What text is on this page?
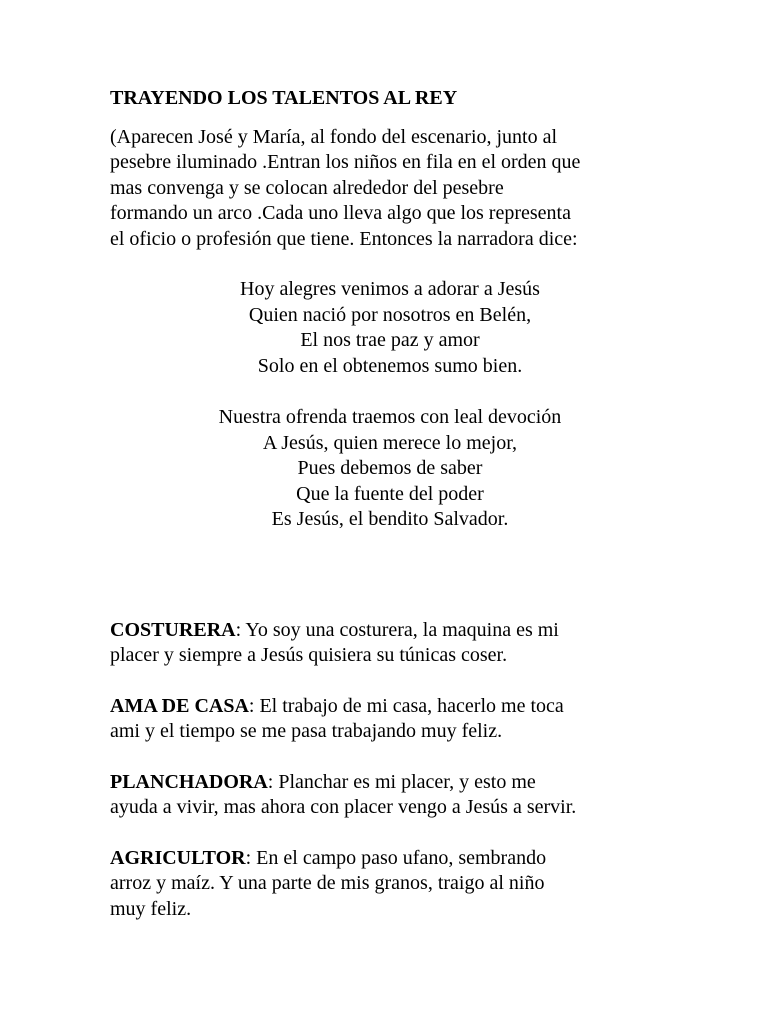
TRAYENDO LOS TALENTOS AL REY
(Aparecen José y María, al fondo del escenario, junto al
pesebre iluminado .Entran los niños en fila en el orden que
mas convenga y se colocan alrededor del pesebre
formando un arco .Cada uno lleva algo que los representa
el oficio o profesión que tiene. Entonces la narradora dice:
Hoy alegres venimos a adorar a Jesús
Quien nació por nosotros en Belén,
El nos trae paz y amor
Solo en el obtenemos sumo bien.
Nuestra ofrenda traemos con leal devoción
A Jesús, quien merece lo mejor,
Pues debemos de saber
Que la fuente del poder
Es Jesús, el bendito Salvador.
COSTURERA: Yo soy una costurera, la maquina es mi
placer y siempre a Jesús quisiera su túnicas coser.
AMA DE CASA: El trabajo de mi casa, hacerlo me toca
ami y el tiempo se me pasa trabajando muy feliz.
PLANCHADORA: Planchar es mi placer, y esto me
ayuda a vivir, mas ahora con placer vengo a Jesús a servir.
AGRICULTOR: En el campo paso ufano, sembrando
arroz y maíz. Y una parte de mis granos, traigo al niño
muy feliz.
